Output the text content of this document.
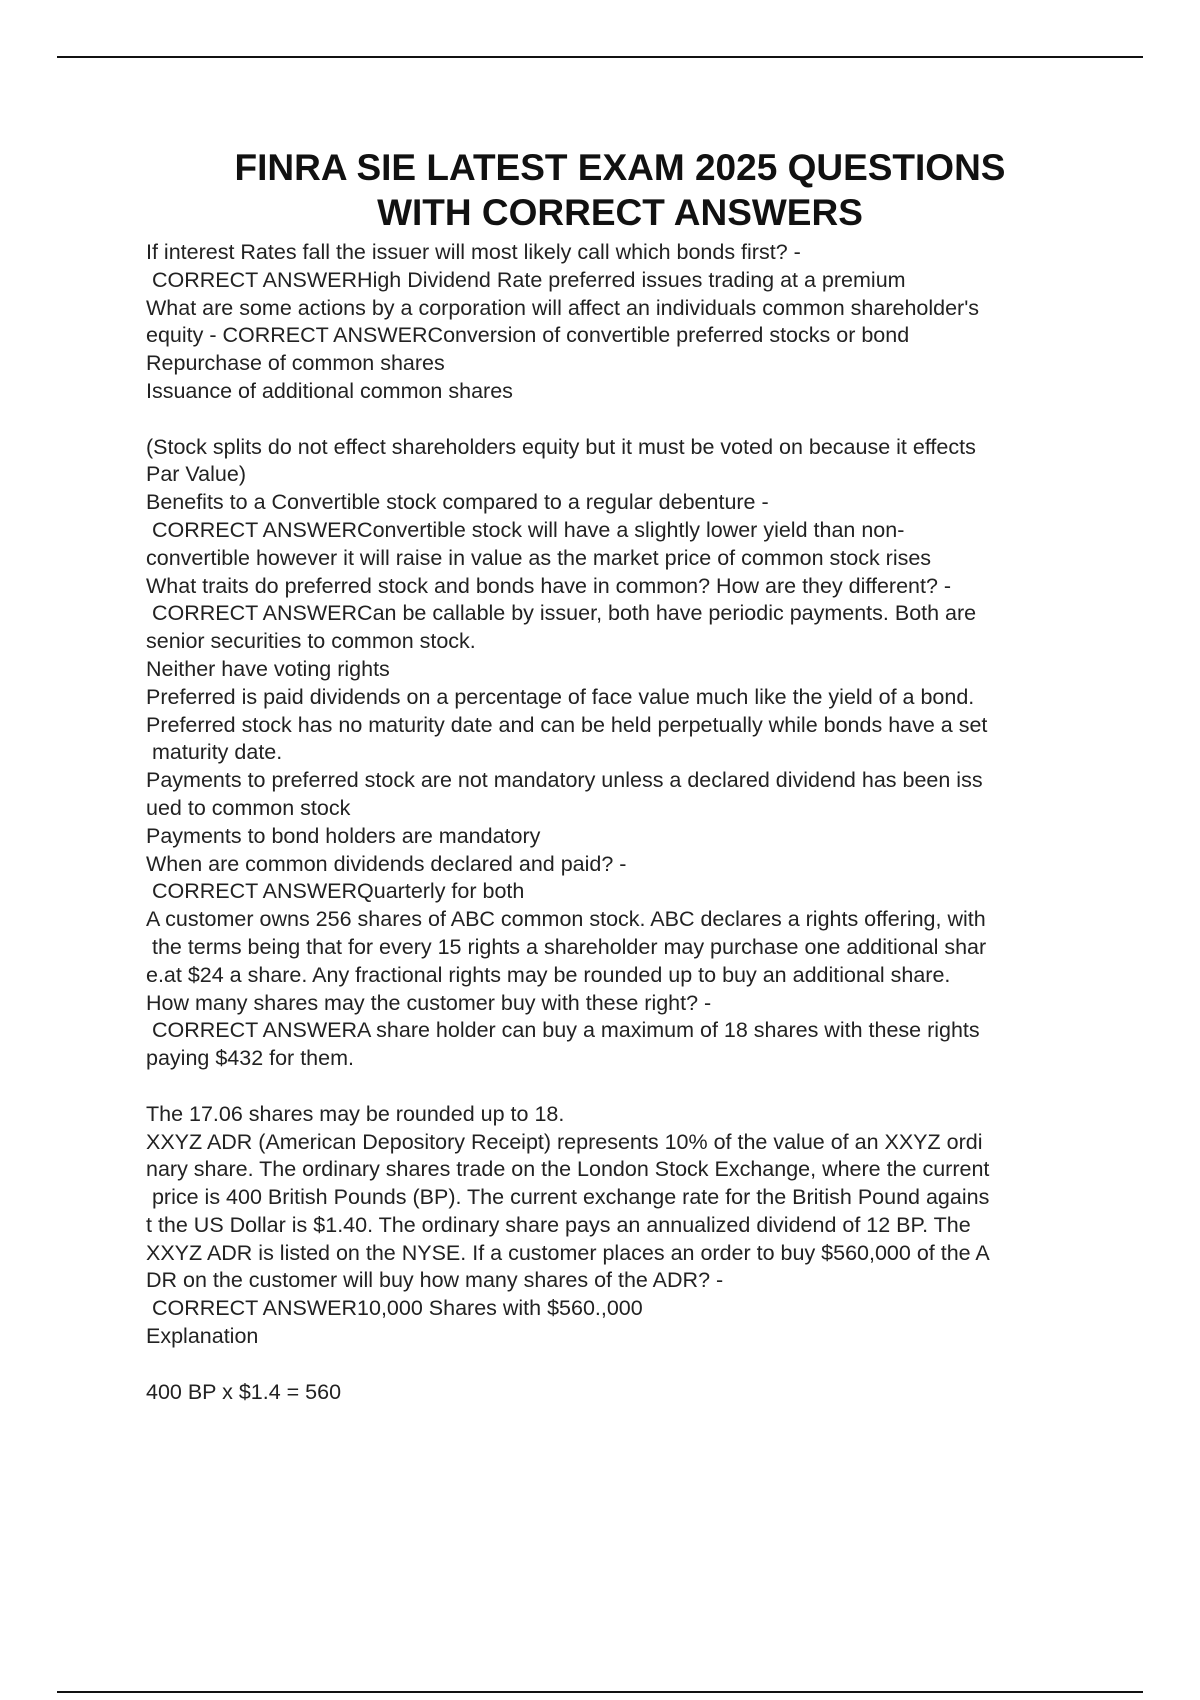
FINRA SIE LATEST EXAM 2025 QUESTIONS
WITH CORRECT ANSWERS
If interest Rates fall the issuer will most likely call which bonds first? -
CORRECT ANSWERHigh Dividend Rate preferred issues trading at a premium
What are some actions by a corporation will affect an individuals common shareholder's
equity - CORRECT ANSWERConversion of convertible preferred stocks or bond
Repurchase of common shares
Issuance of additional common shares
(Stock splits do not effect shareholders equity but it must be voted on because it effects
Par Value)
Benefits to a Convertible stock compared to a regular debenture -
CORRECT ANSWERConvertible stock will have a slightly lower yield than non-
convertible however it will raise in value as the market price of common stock rises
What traits do preferred stock and bonds have in common? How are they different? -
CORRECT ANSWERCan be callable by issuer, both have periodic payments. Both are
senior securities to common stock.
Neither have voting rights
Preferred is paid dividends on a percentage of face value much like the yield of a bond.
Preferred stock has no maturity date and can be held perpetually while bonds have a set
maturity date.
Payments to preferred stock are not mandatory unless a declared dividend has been iss
ued to common stock
Payments to bond holders are mandatory
When are common dividends declared and paid? -
CORRECT ANSWERQuarterly for both
A customer owns 256 shares of ABC common stock. ABC declares a rights offering, with
the terms being that for every 15 rights a shareholder may purchase one additional shar
e.at $24 a share. Any fractional rights may be rounded up to buy an additional share.
How many shares may the customer buy with these right? -
CORRECT ANSWERA share holder can buy a maximum of 18 shares with these rights
paying $432 for them.
The 17.06 shares may be rounded up to 18.
XXYZ ADR (American Depository Receipt) represents 10% of the value of an XXYZ ordi
nary share. The ordinary shares trade on the London Stock Exchange, where the current
price is 400 British Pounds (BP). The current exchange rate for the British Pound agains
t the US Dollar is $1.40. The ordinary share pays an annualized dividend of 12 BP. The
XXYZ ADR is listed on the NYSE. If a customer places an order to buy $560,000 of the A
DR on the customer will buy how many shares of the ADR? -
CORRECT ANSWER10,000 Shares with $560.,000
Explanation
400 BP x $1.4 = 560
